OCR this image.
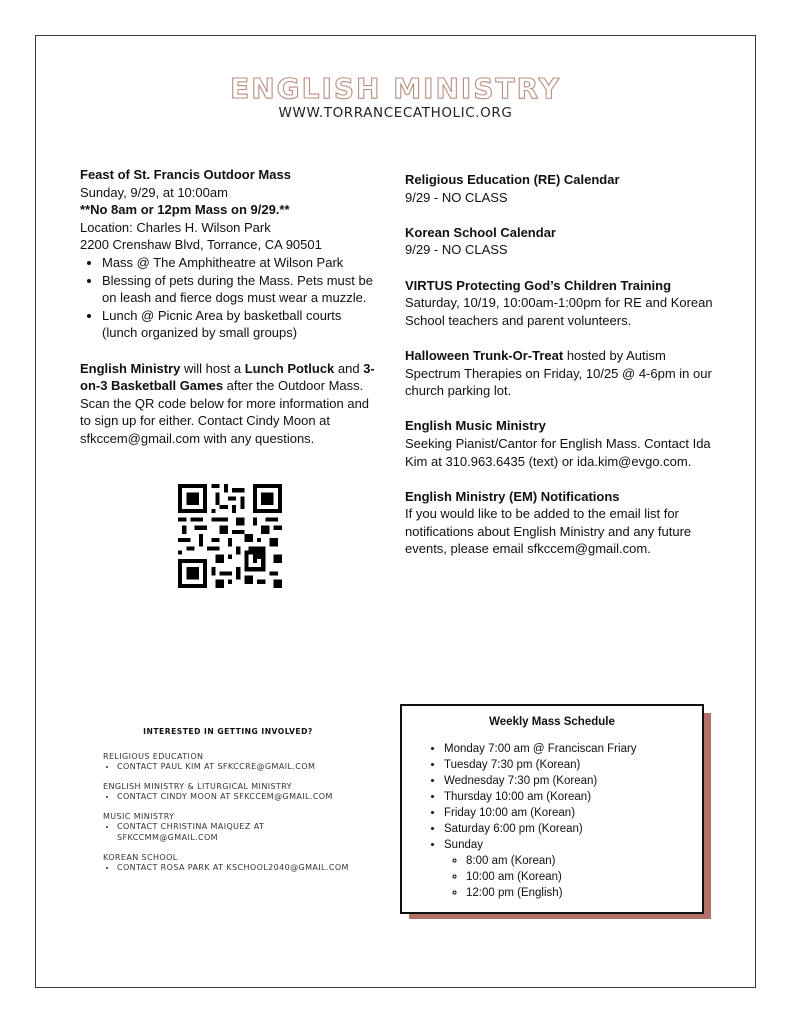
ENGLISH MINISTRY
WWW.TORRANCECATHOLIC.ORG

Feast of St. Francis Outdoor Mass

Sunday, 9/29, at 10:00am

**No 8am or 12pm Mass on 9/29.**

Location: Charles H. Wilson Park

2200 Crenshaw Blvd, Torrance, CA 90501

• Mass @ The Amphitheatre at Wilson Park
• Blessing of pets during the Mass. Pets must be on leash and fierce dogs must wear a muzzle.
• Lunch @ Picnic Area by basketball courts (lunch organized by small groups)

English Ministry will host a Lunch Potluck and 3-on-3 Basketball Games after the Outdoor Mass. Scan the QR code below for more information and to sign up for either. Contact Cindy Moon at sfkccem@gmail.com with any questions.

Religious Education (RE) Calendar

9/29 - NO CLASS

Korean School Calendar

9/29 - NO CLASS

VIRTUS Protecting God’s Children Training

Saturday, 10/19, 10:00am-1:00pm for RE and Korean School teachers and parent volunteers.

Halloween Trunk-Or-Treat hosted by Autism Spectrum Therapies on Friday, 10/25 @ 4-6pm in our church parking lot.

English Music Ministry

Seeking Pianist/Cantor for English Mass. Contact Ida Kim at 310.963.6435 (text) or ida.kim@evgo.com.

English Ministry (EM) Notifications

If you would like to be added to the email list for notifications about English Ministry and any future events, please email sfkccem@gmail.com.

INTERESTED IN GETTING INVOLVED?

RELIGIOUS EDUCATION

• CONTACT PAUL KIM AT SFKCCRE@GMAIL.COM

ENGLISH MINISTRY & LITURGICAL MINISTRY

• CONTACT CINDY MOON AT SFKCCEM@GMAIL.COM

MUSIC MINISTRY

• CONTACT CHRISTINA MAIQUEZ AT SFKCCMM@GMAIL.COM

KOREAN SCHOOL

• CONTACT ROSA PARK AT KSCHOOL2040@GMAIL.COM
Weekly Mass Schedule
• Monday 7:00 am @ Franciscan Friary
• Tuesday 7:30 pm (Korean)
• Wednesday 7:30 pm (Korean)
• Thursday 10:00 am (Korean)
• Friday 10:00 am (Korean)
• Saturday 6:00 pm (Korean)
• Sunday
◦ 8:00 am (Korean)
◦ 10:00 am (Korean)
◦ 12:00 pm (English)
